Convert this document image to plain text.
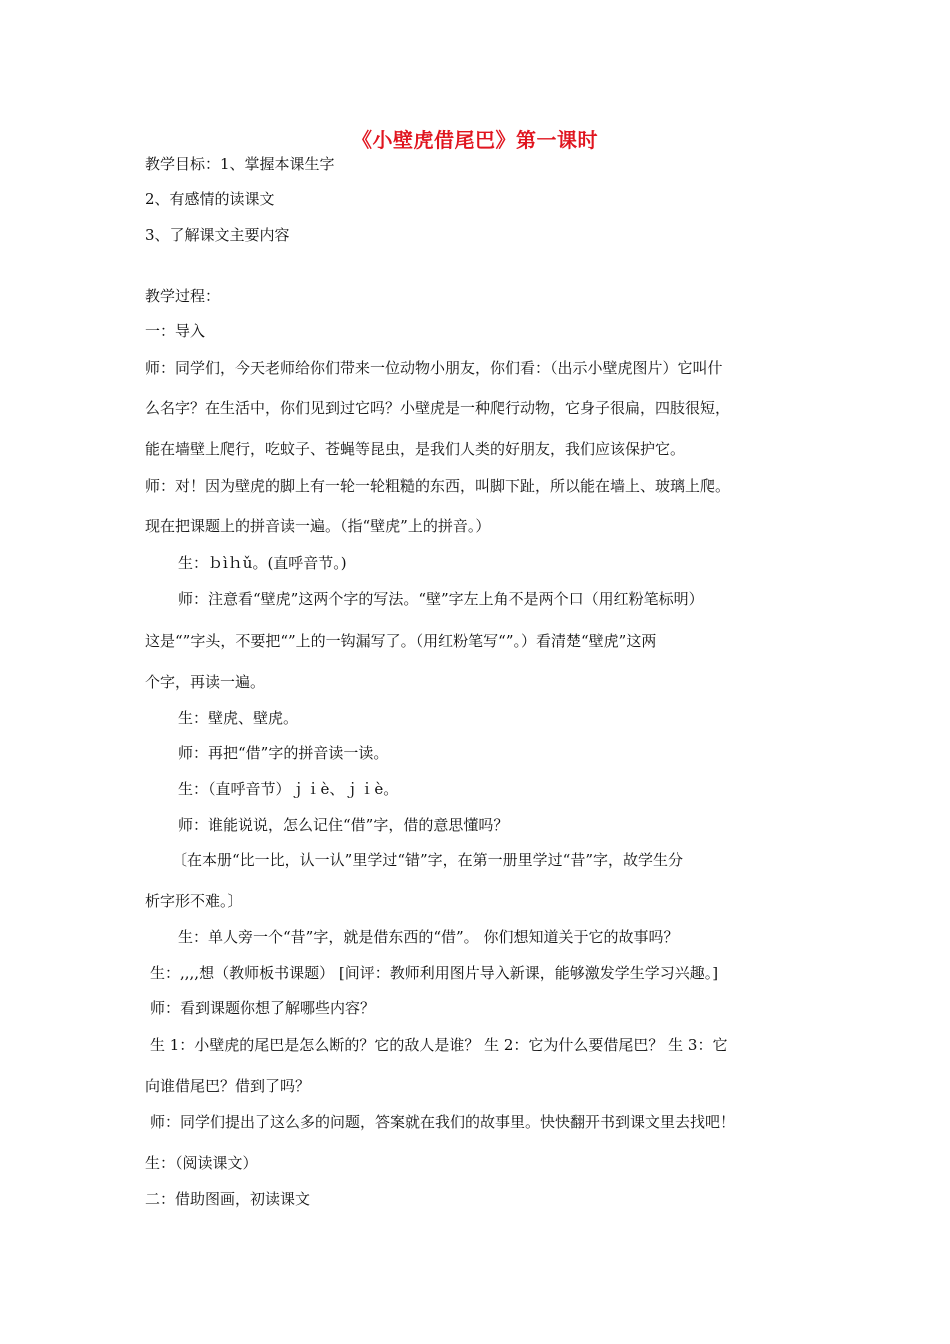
《小壁虎借尾巴》第一课时
教学目标：1、掌握本课生字
2、有感情的读课文
3、了解课文主要内容
教学过程：
一：导入
师：同学们，今天老师给你们带来一位动物小朋友，你们看：（出示小壁虎图片）它叫什
么名字？在生活中，你们见到过它吗？小壁虎是一种爬行动物，它身子很扁，四肢很短，
能在墙壁上爬行，吃蚊子、苍蝇等昆虫，是我们人类的好朋友，我们应该保护它。
师：对！因为壁虎的脚上有一轮一轮粗糙的东西，叫脚下趾，所以能在墙上、玻璃上爬。
现在把课题上的拼音读一遍。（指“壁虎”上的拼音。）
生：ｂìｈǔ。(直呼音节。)
师：注意看“壁虎”这两个字的写法。“壁”字左上角不是两个口（用红粉笔标明）
这是“”字头，不要把“”上的一钩漏写了。（用红粉笔写“”。）看清楚“壁虎”这两
个字，再读一遍。
生：壁虎、壁虎。
师：再把“借”字的拼音读一读。
生：（直呼音节）ｊｉè、ｊｉè。
师：谁能说说，怎么记住“借”字，借的意思懂吗？
〔在本册“比一比，认一认”里学过“错”字，在第一册里学过“昔”字，故学生分
析字形不难。〕
生：单人旁一个“昔”字，就是借东西的“借”。 你们想知道关于它的故事吗？
生：,,,,想（教师板书课题） [间评：教师利用图片导入新课，能够激发学生学习兴趣。]
师：看到课题你想了解哪些内容？
生 1：小壁虎的尾巴是怎么断的？它的敌人是谁？ 生 2：它为什么要借尾巴？ 生 3：它
向谁借尾巴？借到了吗？
师：同学们提出了这么多的问题，答案就在我们的故事里。快快翻开书到课文里去找吧！
生：（阅读课文）
二：借助图画，初读课文
